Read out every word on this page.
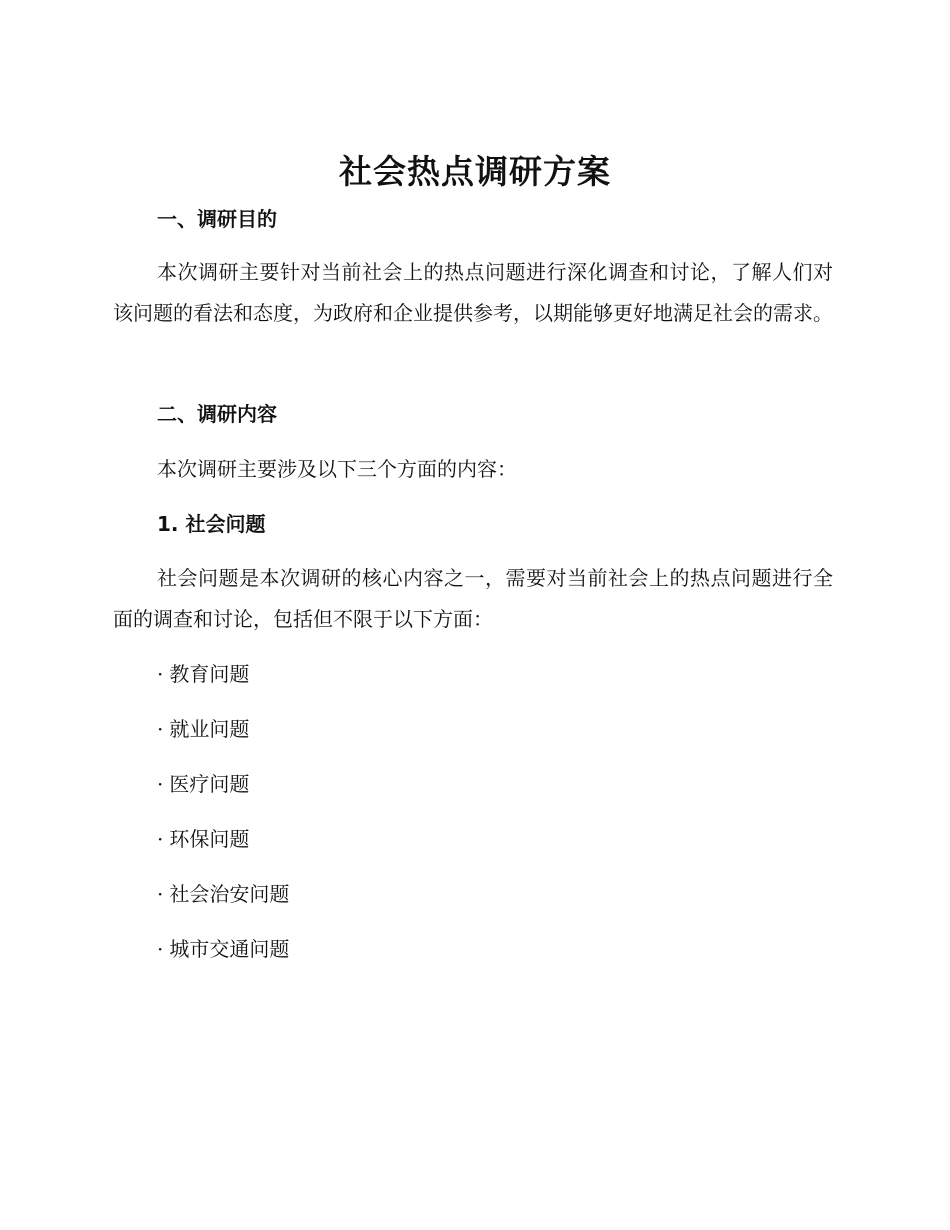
社会热点调研方案
一、调研目的
本次调研主要针对当前社会上的热点问题进行深化调查和讨论，了解人们对该问题的看法和态度，为政府和企业提供参考，以期能够更好地满足社会的需求。
二、调研内容
本次调研主要涉及以下三个方面的内容：
1. 社会问题
社会问题是本次调研的核心内容之一，需要对当前社会上的热点问题进行全面的调查和讨论，包括但不限于以下方面：
· 教育问题
· 就业问题
· 医疗问题
· 环保问题
· 社会治安问题
· 城市交通问题
